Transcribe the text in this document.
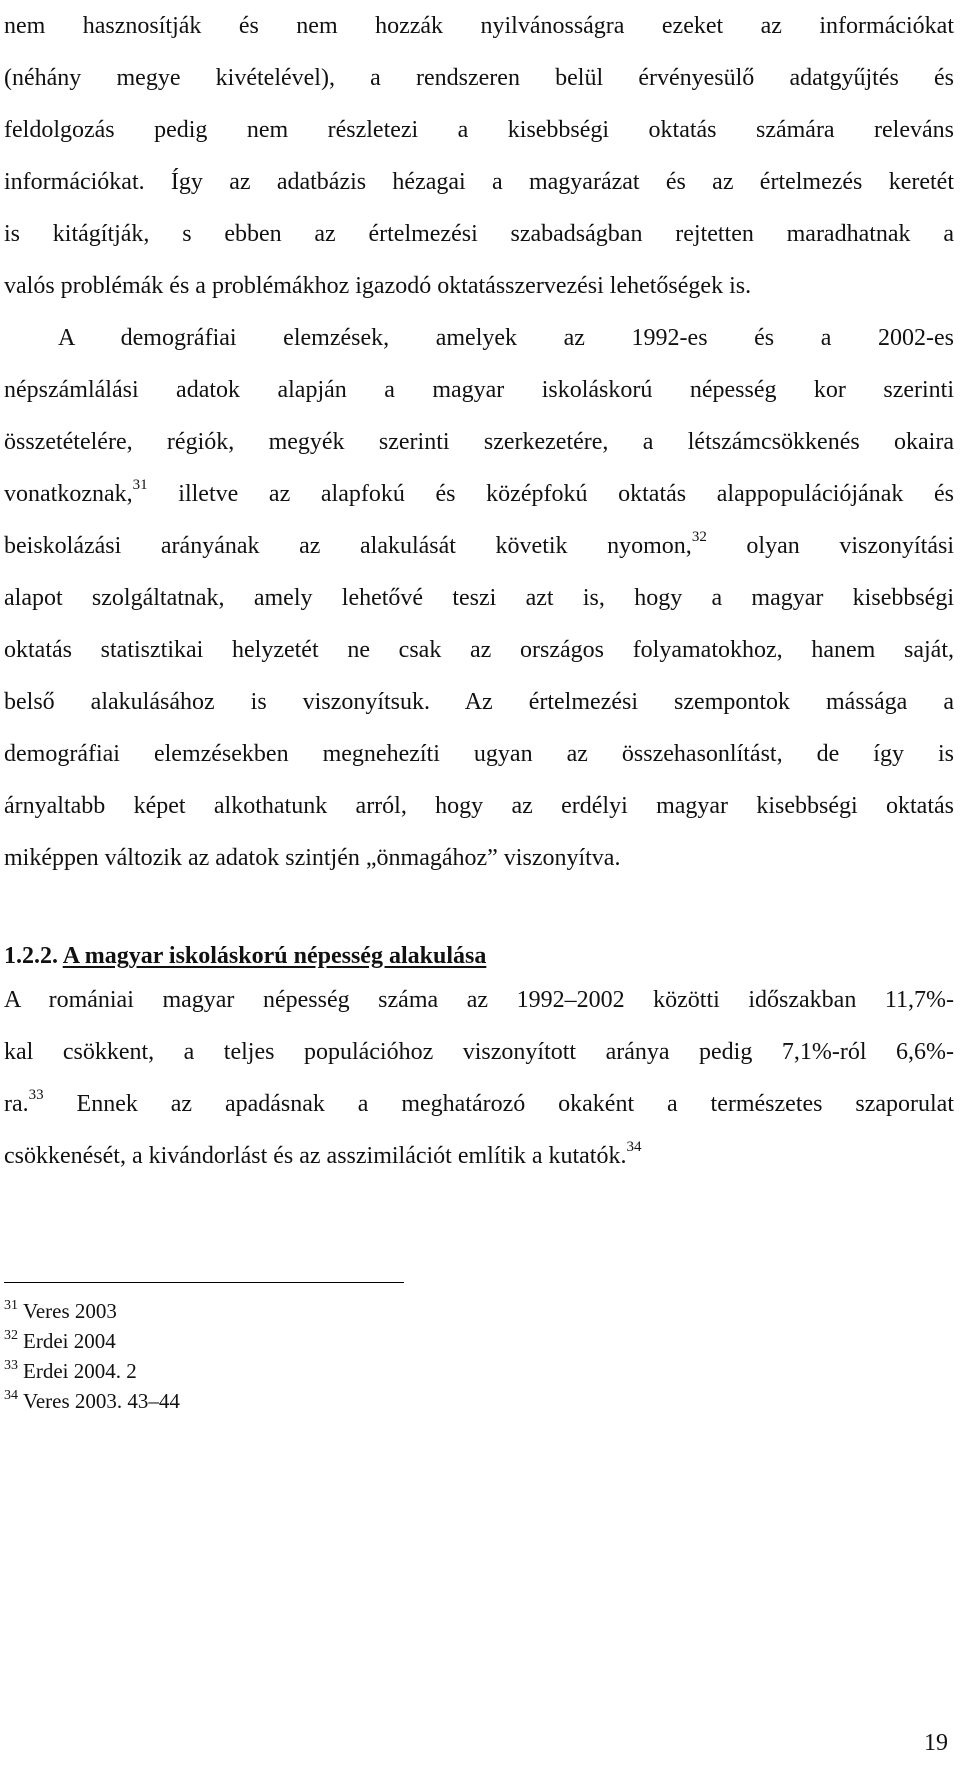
nem hasznosítják és nem hozzák nyilvánosságra ezeket az információkat
(néhány megye kivételével), a rendszeren belül érvényesülő adatgyűjtés és
feldolgozás pedig nem részletezi a kisebbségi oktatás számára releváns
információkat. Így az adatbázis hézagai a magyarázat és az értelmezés keretét
is kitágítják, s ebben az értelmezési szabadságban rejtetten maradhatnak a
valós problémák és a problémákhoz igazodó oktatásszervezési lehetőségek is.
A demográfiai elemzések, amelyek az 1992-es és a 2002-es
népszámlálási adatok alapján a magyar iskoláskorú népesség kor szerinti
összetételére, régiók, megyék szerinti szerkezetére, a létszámcsökkenés okaira
vonatkoznak,$^{31}$ illetve az alapfokú és középfokú oktatás alappopulációjának és
beiskolázási arányának az alakulását követik nyomon,$^{32}$ olyan viszonyítási
alapot szolgáltatnak, amely lehetővé teszi azt is, hogy a magyar kisebbségi
oktatás statisztikai helyzetét ne csak az országos folyamatokhoz, hanem saját,
belső alakulásához is viszonyítsuk. Az értelmezési szempontok mássága a
demográfiai elemzésekben megnehezíti ugyan az összehasonlítást, de így is
árnyaltabb képet alkothatunk arról, hogy az erdélyi magyar kisebbségi oktatás
miképpen változik az adatok szintjén „önmagához” viszonyítva.
1.2.2. A magyar iskoláskorú népesség alakulása
A romániai magyar népesség száma az 1992‒2002 közötti időszakban 11,7%-
kal csökkent, a teljes populációhoz viszonyított aránya pedig 7,1%-ról 6,6%-
ra.$^{33}$ Ennek az apadásnak a meghatározó okaként a természetes szaporulat
csökkenését, a kivándorlást és az asszimilációt említik a kutatók.$^{34}$
$^{31}$ Veres 2003
$^{32}$ Erdei 2004
$^{33}$ Erdei 2004. 2
$^{34}$ Veres 2003. 43‒44
19
